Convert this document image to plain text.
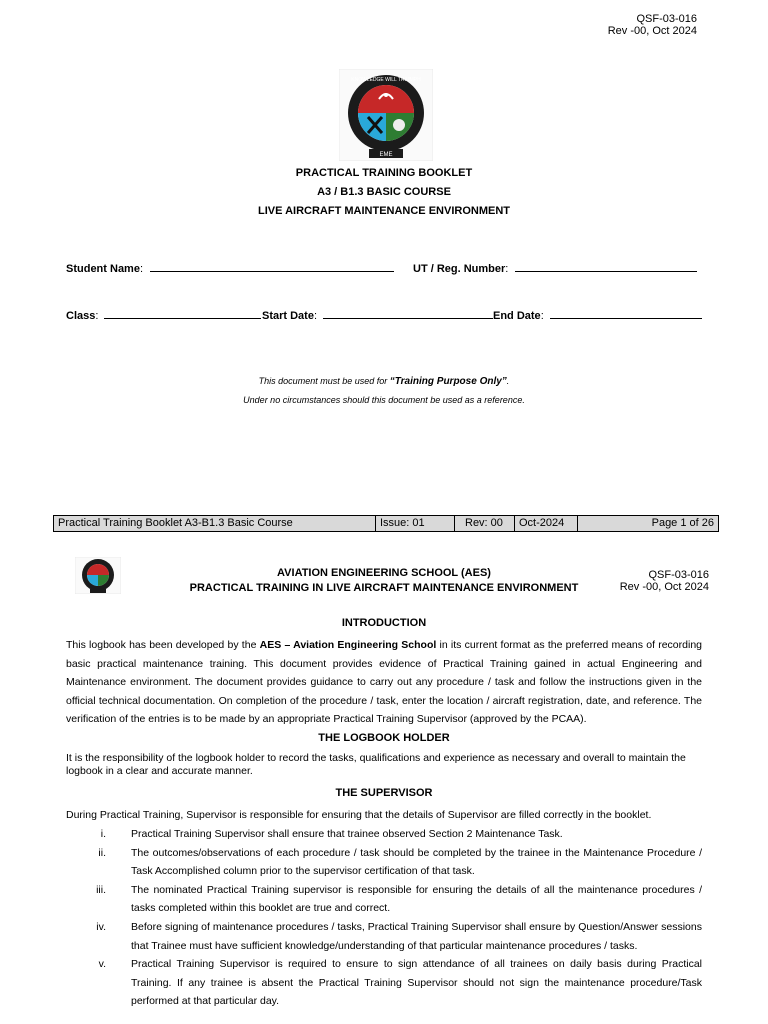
QSF-03-016
Rev -00, Oct 2024
EME
KNOWLEDGE WILL TRIUMPH
PRACTICAL TRAINING BOOKLET
A3 / B1.3 BASIC COURSE
LIVE AIRCRAFT MAINTENANCE ENVIRONMENT
Student Name:	UT / Reg. Number:
Class:	Start Date:	End Date:
This document must be used for “Training Purpose Only”.
Under no circumstances should this document be used as a reference.
Practical Training Booklet A3-B1.3 Basic Course	Issue: 01	Rev: 00	Oct-2024	Page 1 of 26
AVIATION ENGINEERING SCHOOL (AES)
PRACTICAL TRAINING IN LIVE AIRCRAFT MAINTENANCE ENVIRONMENT
QSF-03-016
Rev -00, Oct 2024
INTRODUCTION
This logbook has been developed by the AES – Aviation Engineering School in its current format as the preferred means of recording basic practical maintenance training. This document provides evidence of Practical Training gained in actual Engineering and Maintenance environment. The document provides guidance to carry out any procedure / task and follow the instructions given in the official technical documentation. On completion of the procedure / task, enter the location / aircraft registration, date, and reference. The verification of the entries is to be made by an appropriate Practical Training Supervisor (approved by the PCAA).
THE LOGBOOK HOLDER
It is the responsibility of the logbook holder to record the tasks, qualifications and experience as necessary and overall to maintain the logbook in a clear and accurate manner.
THE SUPERVISOR
During Practical Training, Supervisor is responsible for ensuring that the details of Supervisor are filled correctly in the booklet.
i. Practical Training Supervisor shall ensure that trainee observed Section 2 Maintenance Task.
ii. The outcomes/observations of each procedure / task should be completed by the trainee in the Maintenance Procedure / Task Accomplished column prior to the supervisor certification of that task.
iii. The nominated Practical Training supervisor is responsible for ensuring the details of all the maintenance procedures / tasks completed within this booklet are true and correct.
iv. Before signing of maintenance procedures / tasks, Practical Training Supervisor shall ensure by Question/Answer sessions that Trainee must have sufficient knowledge/understanding of that particular maintenance procedures / tasks.
v. Practical Training Supervisor is required to ensure to sign attendance of all trainees on daily basis during Practical Training. If any trainee is absent the Practical Training Supervisor should not sign the maintenance procedure/Task performed at that particular day.
